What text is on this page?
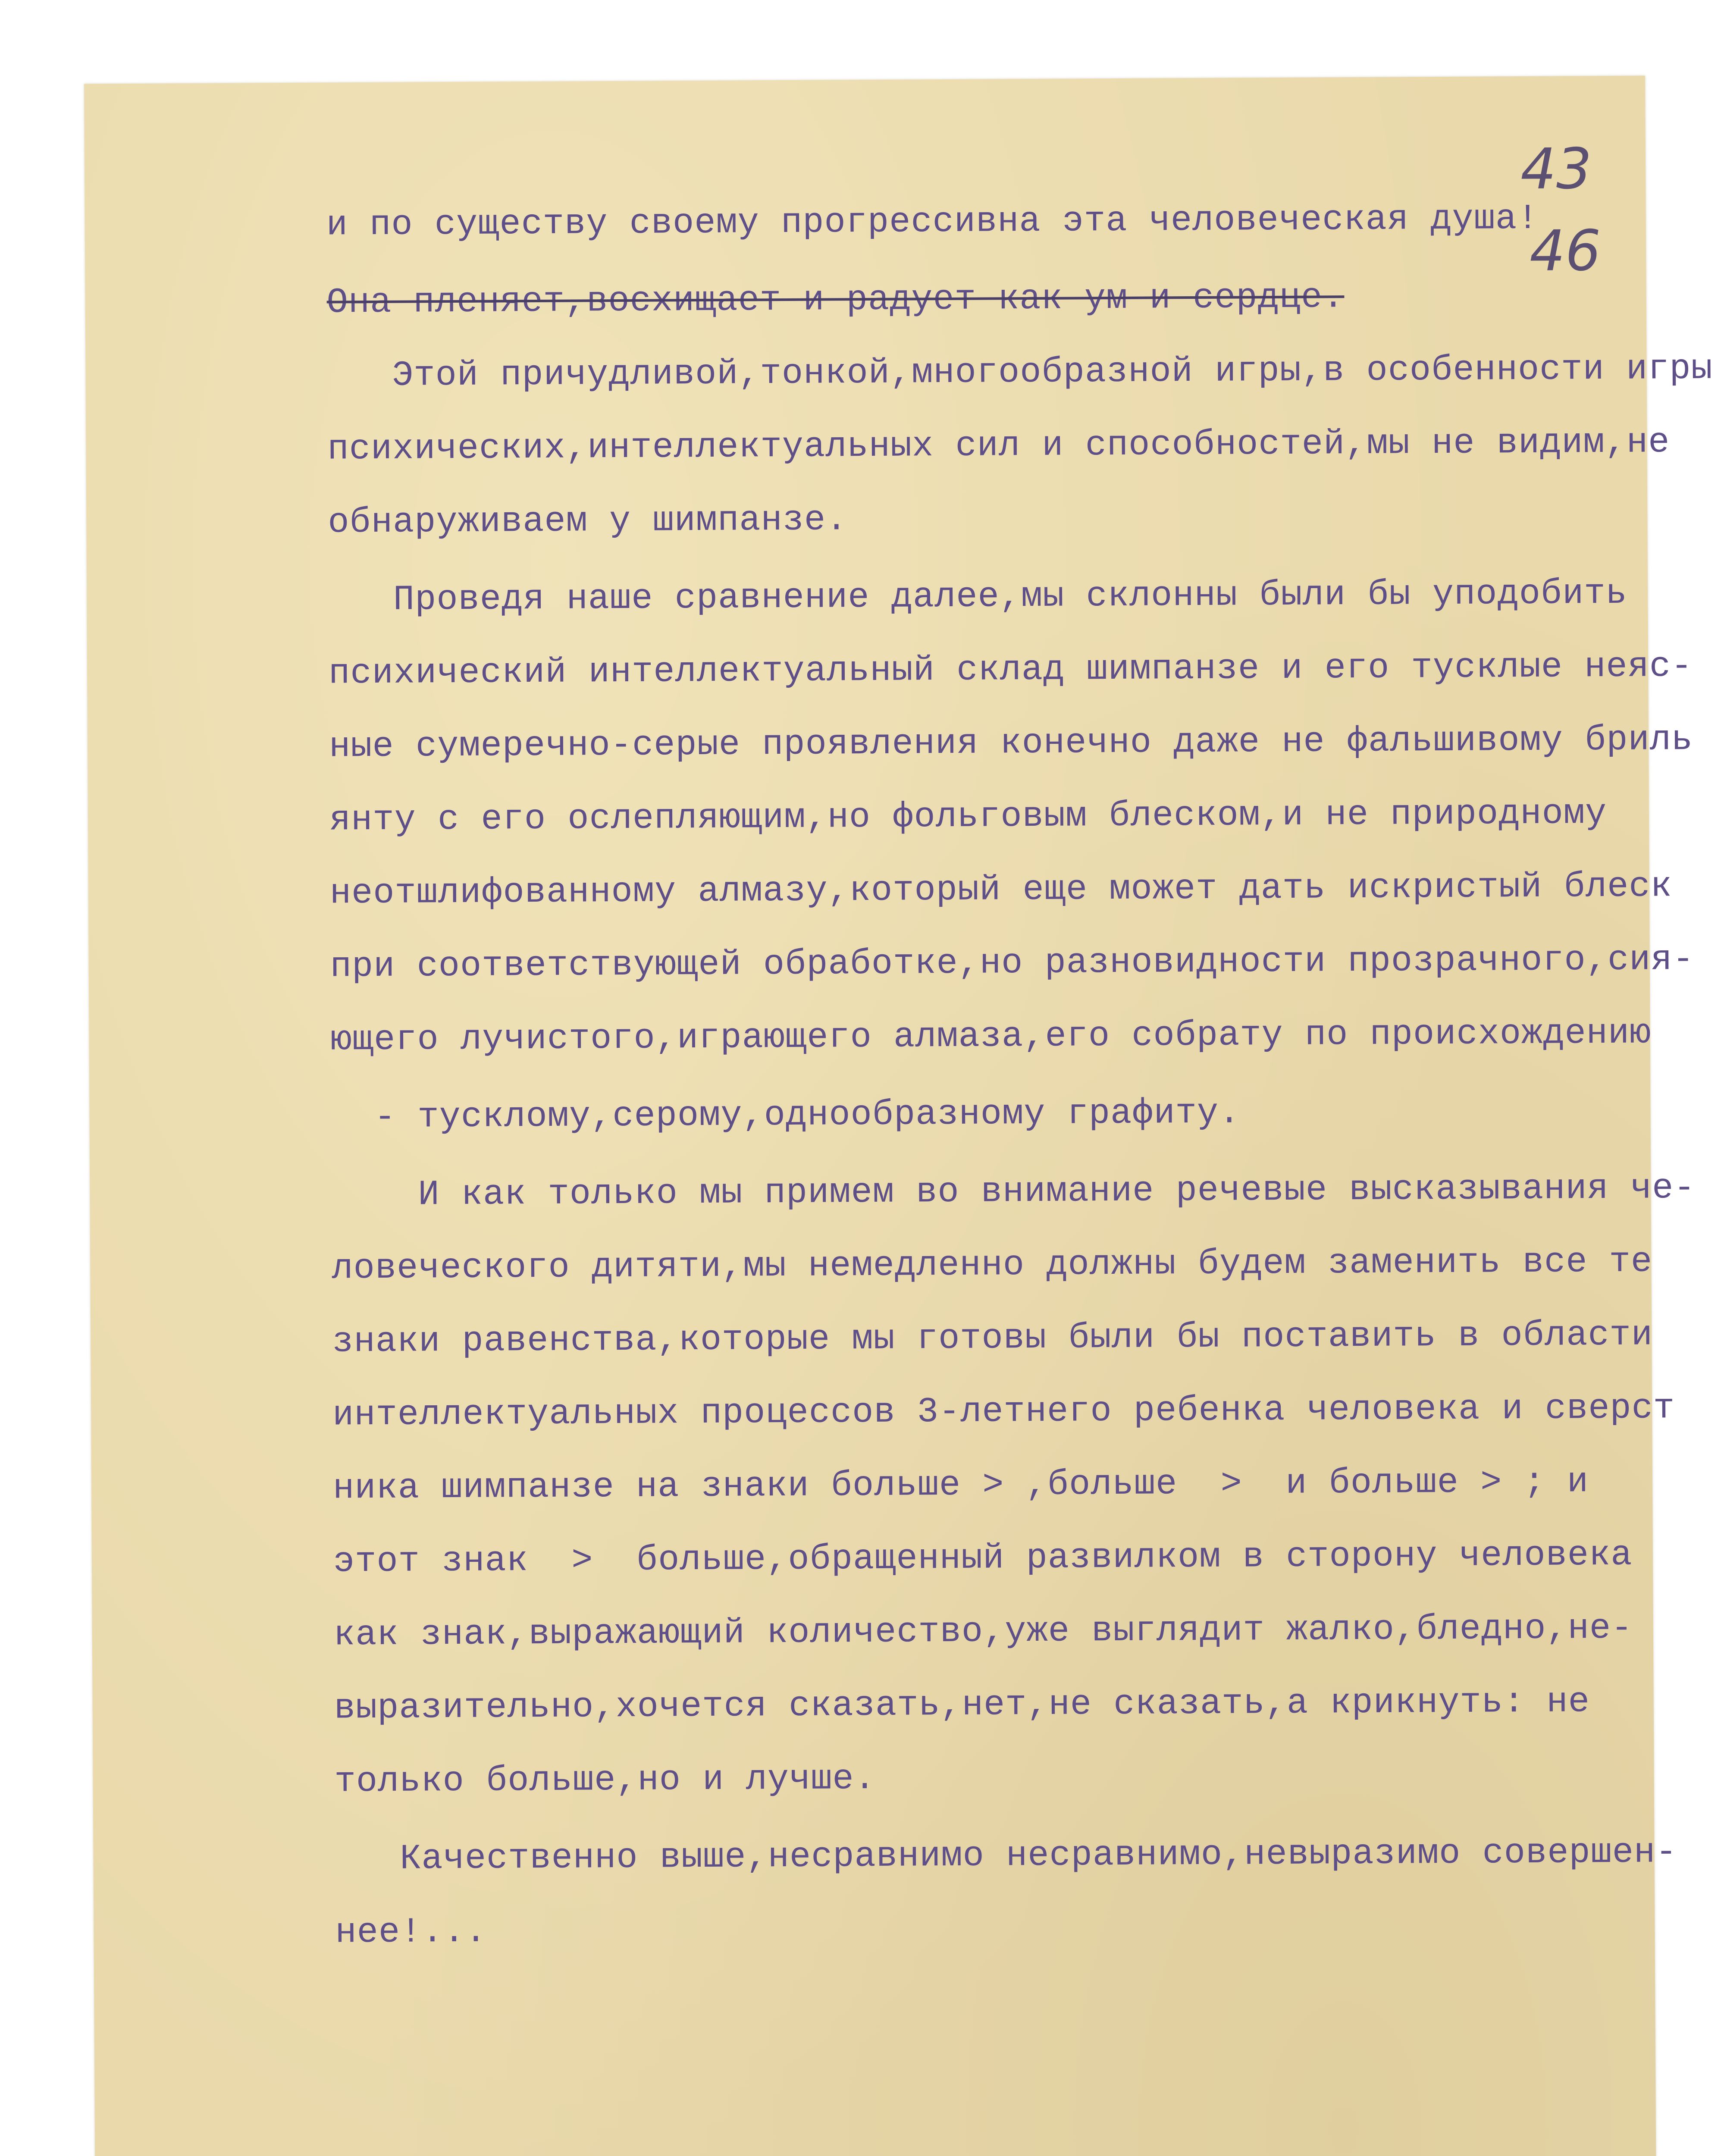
43
46

и по существу своему прогрессивна эта человеческая душа!

Она пленяет,восхищает и радует как ум и сердце.

Этой причудливой,тонкой,многообразной игры,в особенности игры

психических,интеллектуальных сил и способностей,мы не видим,не

обнаруживаем у шимпанзе.

Проведя наше сравнение далее,мы склонны были бы уподобить

психический интеллектуальный склад шимпанзе и его тусклые неяс-

ные сумеречно-серые проявления конечно даже не фальшивому бриль

янту с его ослепляющим,но фольговым блеском,и не природному

неотшлифованному алмазу,который еще может дать искристый блеск

при соответствующей обработке,но разновидности прозрачного,сия-

ющего лучистого,играющего алмаза,его собрату по происхождению

- тусклому,серому,однообразному графиту.

И как только мы примем во внимание речевые высказывания че-

ловеческого дитяти,мы немедленно должны будем заменить все те

знаки равенства,которые мы готовы были бы поставить в области

интеллектуальных процессов 3-летнего ребенка человека и сверст

ника шимпанзе на знаки больше > ,больше  >  и больше > ; и

этот знак  >  больше,обращенный развилком в сторону человека

как знак,выражающий количество,уже выглядит жалко,бледно,не-

выразительно,хочется сказать,нет,не сказать,а крикнуть: не

только больше,но и лучше.

Качественно выше,несравнимо несравнимо,невыразимо совершен-

нее!...
